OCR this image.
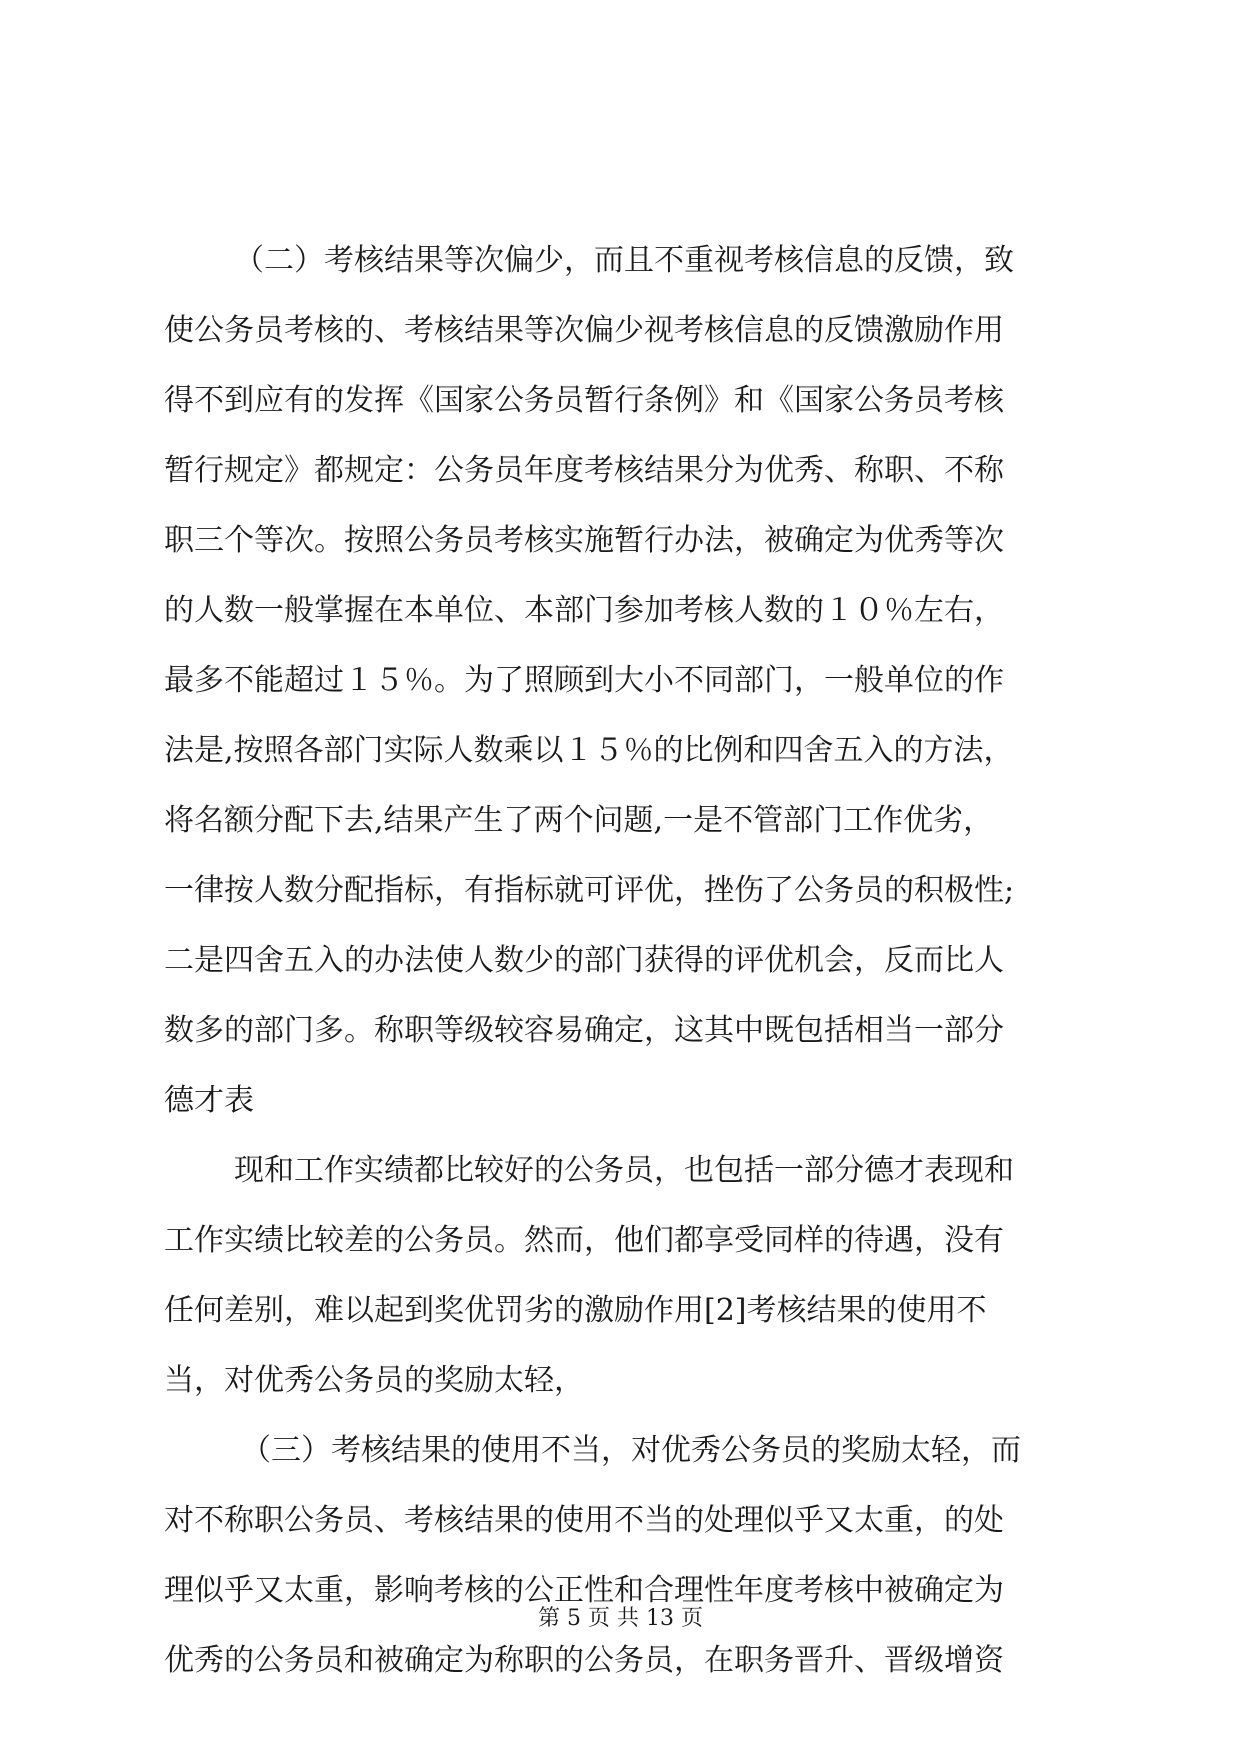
（二）考核结果等次偏少，而且不重视考核信息的反馈，致
使公务员考核的、考核结果等次偏少视考核信息的反馈激励作用
得不到应有的发挥《国家公务员暂行条例》和《国家公务员考核
暂行规定》都规定：公务员年度考核结果分为优秀、称职、不称
职三个等次。按照公务员考核实施暂行办法，被确定为优秀等次
的人数一般掌握在本单位、本部门参加考核人数的１０％左右，
最多不能超过１５％。为了照顾到大小不同部门，一般单位的作
法是,按照各部门实际人数乘以１５％的比例和四舍五入的方法，
将名额分配下去,结果产生了两个问题,一是不管部门工作优劣，
一律按人数分配指标，有指标就可评优，挫伤了公务员的积极性;
二是四舍五入的办法使人数少的部门获得的评优机会，反而比人
数多的部门多。称职等级较容易确定，这其中既包括相当一部分
德才表
现和工作实绩都比较好的公务员，也包括一部分德才表现和
工作实绩比较差的公务员。然而，他们都享受同样的待遇，没有
任何差别，难以起到奖优罚劣的激励作用[2]考核结果的使用不
当，对优秀公务员的奖励太轻，
（三）考核结果的使用不当，对优秀公务员的奖励太轻，而
对不称职公务员、考核结果的使用不当的处理似乎又太重，的处
理似乎又太重，影响考核的公正性和合理性年度考核中被确定为
优秀的公务员和被确定为称职的公务员，在职务晋升、晋级增资
第 5 页 共 13 页
